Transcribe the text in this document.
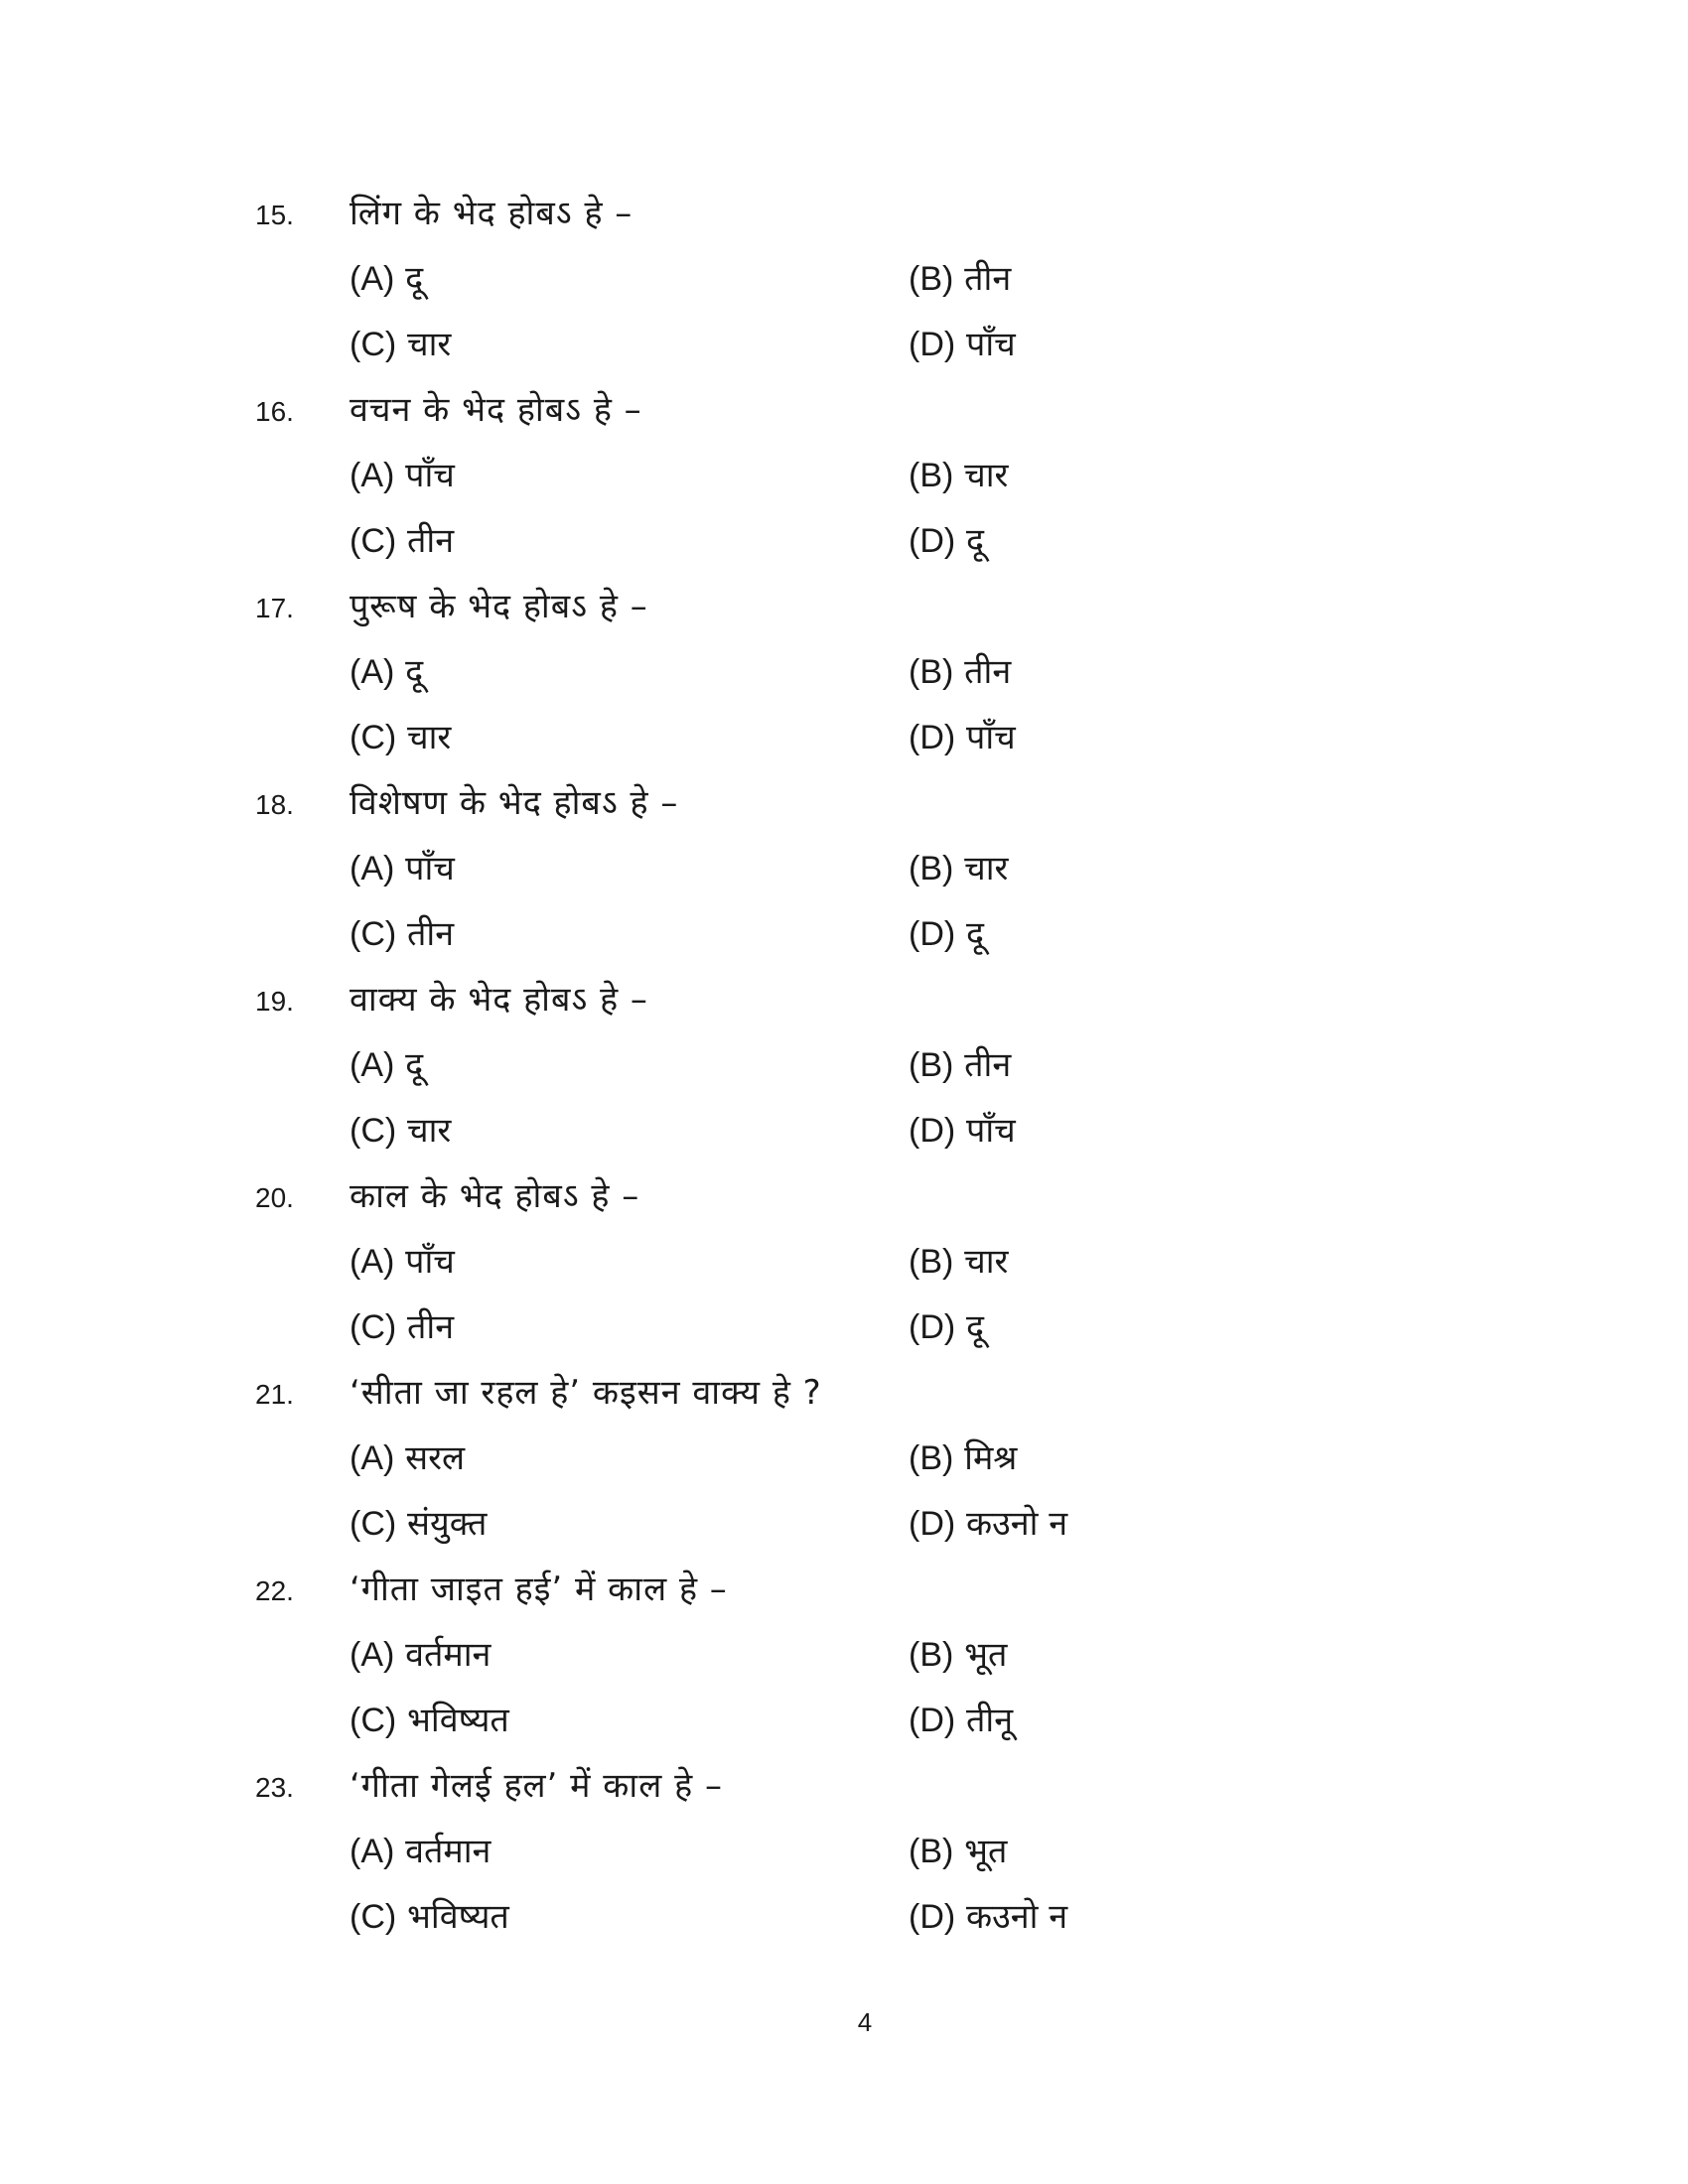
15.	लिंग के भेद होबऽ हे –
(A) दू	(B) तीन
(C) चार	(D) पाँच
16.	वचन के भेद होबऽ हे –
(A) पाँच	(B) चार
(C) तीन	(D) दू
17.	पुरूष के भेद होबऽ हे –
(A) दू	(B) तीन
(C) चार	(D) पाँच
18.	विशेषण के भेद होबऽ हे –
(A) पाँच	(B) चार
(C) तीन	(D) दू
19.	वाक्य के भेद होबऽ हे –
(A) दू	(B) तीन
(C) चार	(D) पाँच
20.	काल के भेद होबऽ हे –
(A) पाँच	(B) चार
(C) तीन	(D) दू
21.	‘सीता जा रहल हे’ कइसन वाक्य हे ?
(A) सरल	(B) मिश्र
(C) संयुक्त	(D) कउनो न
22.	‘गीता जाइत हई’ में काल हे –
(A) वर्तमान	(B) भूत
(C) भविष्यत	(D) तीनू
23.	‘गीता गेलई हल’ में काल हे –
(A) वर्तमान	(B) भूत
(C) भविष्यत	(D) कउनो न
4
